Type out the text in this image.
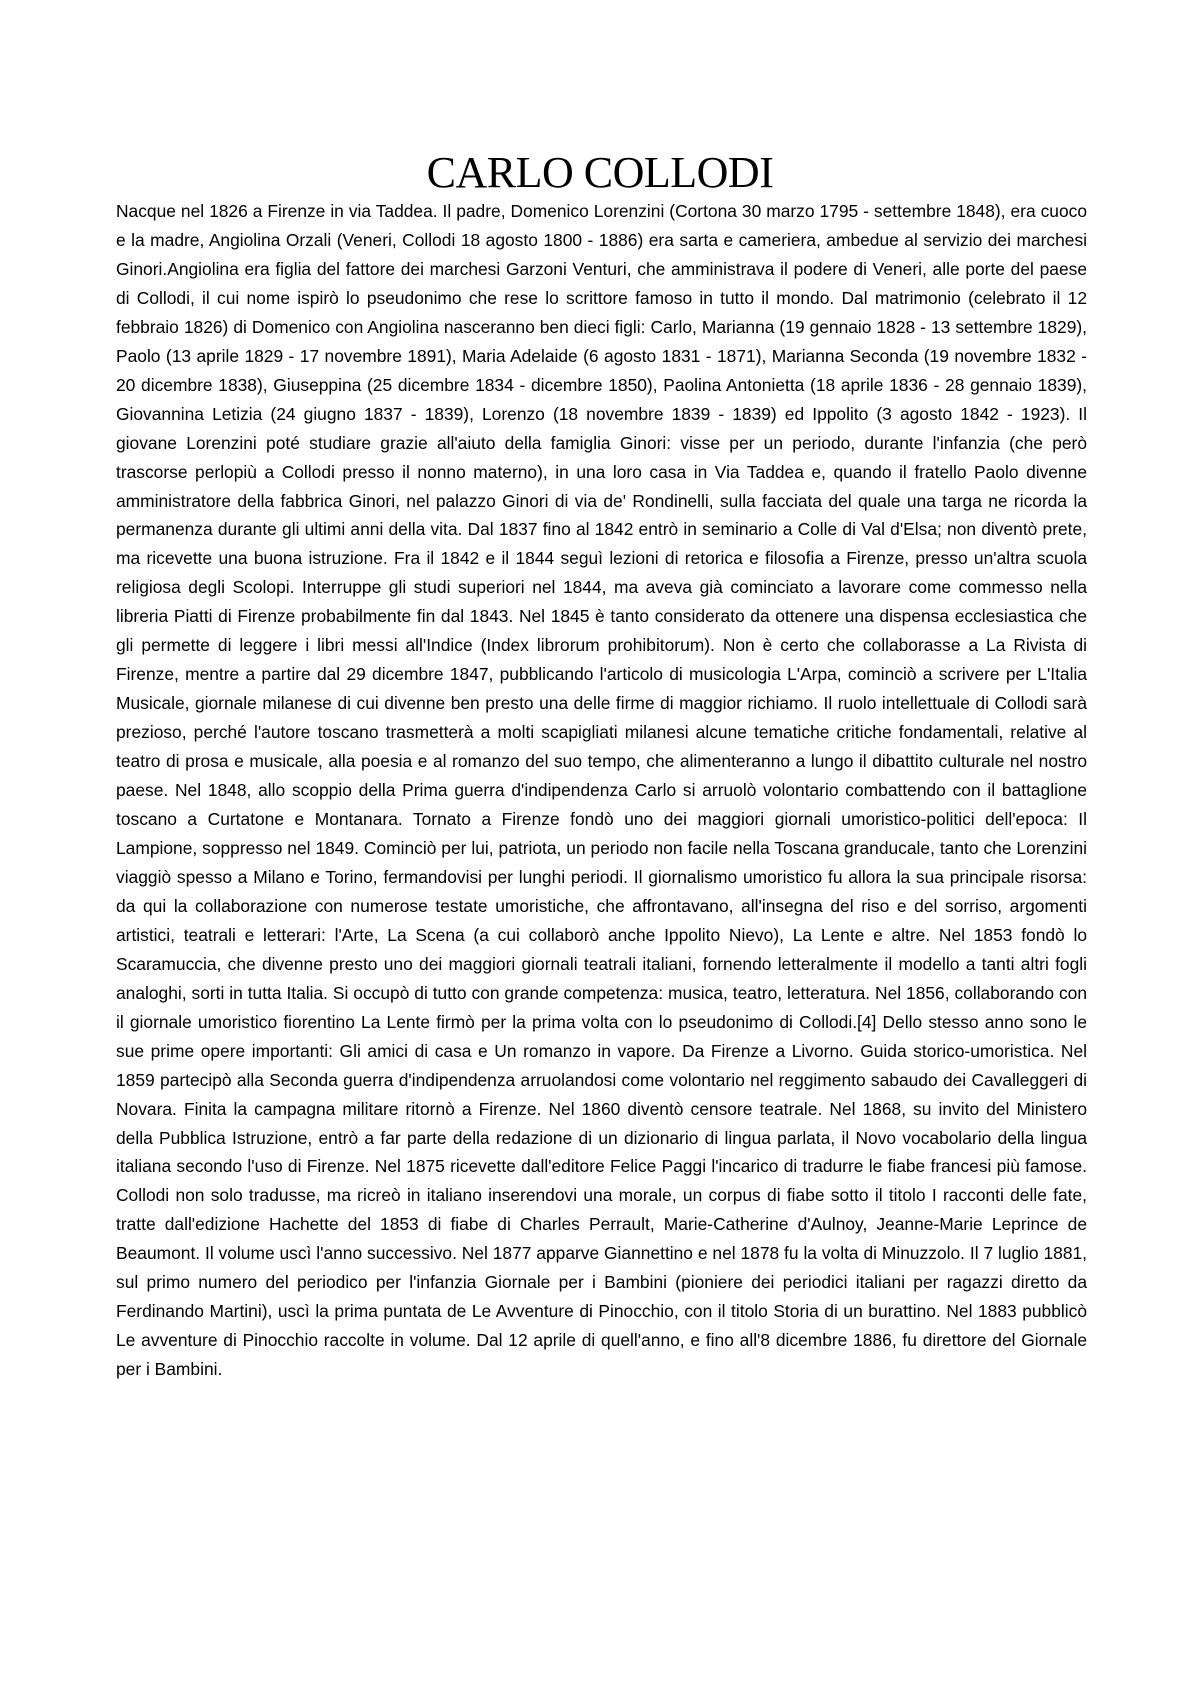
CARLO COLLODI

Nacque nel 1826 a Firenze in via Taddea. Il padre, Domenico Lorenzini (Cortona 30 marzo 1795 - settembre 1848), era cuoco e la madre, Angiolina Orzali (Veneri, Collodi 18 agosto 1800 - 1886) era sarta e cameriera, ambedue al servizio dei marchesi Ginori.Angiolina era figlia del fattore dei marchesi Garzoni Venturi, che amministrava il podere di Veneri, alle porte del paese di Collodi, il cui nome ispirò lo pseudonimo che rese lo scrittore famoso in tutto il mondo. Dal matrimonio (celebrato il 12 febbraio 1826) di Domenico con Angiolina nasceranno ben dieci figli: Carlo, Marianna (19 gennaio 1828 - 13 settembre 1829), Paolo (13 aprile 1829 - 17 novembre 1891), Maria Adelaide (6 agosto 1831 - 1871), Marianna Seconda (19 novembre 1832 - 20 dicembre 1838), Giuseppina (25 dicembre 1834 - dicembre 1850), Paolina Antonietta (18 aprile 1836 - 28 gennaio 1839), Giovannina Letizia (24 giugno 1837 - 1839), Lorenzo (18 novembre 1839 - 1839) ed Ippolito (3 agosto 1842 - 1923). Il giovane Lorenzini poté studiare grazie all'aiuto della famiglia Ginori: visse per un periodo, durante l'infanzia (che però trascorse perlopiù a Collodi presso il nonno materno), in una loro casa in Via Taddea e, quando il fratello Paolo divenne amministratore della fabbrica Ginori, nel palazzo Ginori di via de' Rondinelli, sulla facciata del quale una targa ne ricorda la permanenza durante gli ultimi anni della vita. Dal 1837 fino al 1842 entrò in seminario a Colle di Val d'Elsa; non diventò prete, ma ricevette una buona istruzione. Fra il 1842 e il 1844 seguì lezioni di retorica e filosofia a Firenze, presso un'altra scuola religiosa degli Scolopi. Interruppe gli studi superiori nel 1844, ma aveva già cominciato a lavorare come commesso nella libreria Piatti di Firenze probabilmente fin dal 1843. Nel 1845 è tanto considerato da ottenere una dispensa ecclesiastica che gli permette di leggere i libri messi all'Indice (Index librorum prohibitorum). Non è certo che collaborasse a La Rivista di Firenze, mentre a partire dal 29 dicembre 1847, pubblicando l'articolo di musicologia L'Arpa, cominciò a scrivere per L'Italia Musicale, giornale milanese di cui divenne ben presto una delle firme di maggior richiamo. Il ruolo intellettuale di Collodi sarà prezioso, perché l'autore toscano trasmetterà a molti scapigliati milanesi alcune tematiche critiche fondamentali, relative al teatro di prosa e musicale, alla poesia e al romanzo del suo tempo, che alimenteranno a lungo il dibattito culturale nel nostro paese. Nel 1848, allo scoppio della Prima guerra d'indipendenza Carlo si arruolò volontario combattendo con il battaglione toscano a Curtatone e Montanara. Tornato a Firenze fondò uno dei maggiori giornali umoristico-politici dell'epoca: Il Lampione, soppresso nel 1849. Cominciò per lui, patriota, un periodo non facile nella Toscana granducale, tanto che Lorenzini viaggiò spesso a Milano e Torino, fermandovisi per lunghi periodi. Il giornalismo umoristico fu allora la sua principale risorsa: da qui la collaborazione con numerose testate umoristiche, che affrontavano, all'insegna del riso e del sorriso, argomenti artistici, teatrali e letterari: l'Arte, La Scena (a cui collaborò anche Ippolito Nievo), La Lente e altre. Nel 1853 fondò lo Scaramuccia, che divenne presto uno dei maggiori giornali teatrali italiani, fornendo letteralmente il modello a tanti altri fogli analoghi, sorti in tutta Italia. Si occupò di tutto con grande competenza: musica, teatro, letteratura. Nel 1856, collaborando con il giornale umoristico fiorentino La Lente firmò per la prima volta con lo pseudonimo di Collodi.[4] Dello stesso anno sono le sue prime opere importanti: Gli amici di casa e Un romanzo in vapore. Da Firenze a Livorno. Guida storico-umoristica. Nel 1859 partecipò alla Seconda guerra d'indipendenza arruolandosi come volontario nel reggimento sabaudo dei Cavalleggeri di Novara. Finita la campagna militare ritornò a Firenze. Nel 1860 diventò censore teatrale. Nel 1868, su invito del Ministero della Pubblica Istruzione, entrò a far parte della redazione di un dizionario di lingua parlata, il Novo vocabolario della lingua italiana secondo l'uso di Firenze. Nel 1875 ricevette dall'editore Felice Paggi l'incarico di tradurre le fiabe francesi più famose. Collodi non solo tradusse, ma ricreò in italiano inserendovi una morale, un corpus di fiabe sotto il titolo I racconti delle fate, tratte dall'edizione Hachette del 1853 di fiabe di Charles Perrault, Marie-Catherine d'Aulnoy, Jeanne-Marie Leprince de Beaumont. Il volume uscì l'anno successivo. Nel 1877 apparve Giannettino e nel 1878 fu la volta di Minuzzolo. Il 7 luglio 1881, sul primo numero del periodico per l'infanzia Giornale per i Bambini (pioniere dei periodici italiani per ragazzi diretto da Ferdinando Martini), uscì la prima puntata de Le Avventure di Pinocchio, con il titolo Storia di un burattino. Nel 1883 pubblicò Le avventure di Pinocchio raccolte in volume. Dal 12 aprile di quell'anno, e fino all'8 dicembre 1886, fu direttore del Giornale per i Bambini.
